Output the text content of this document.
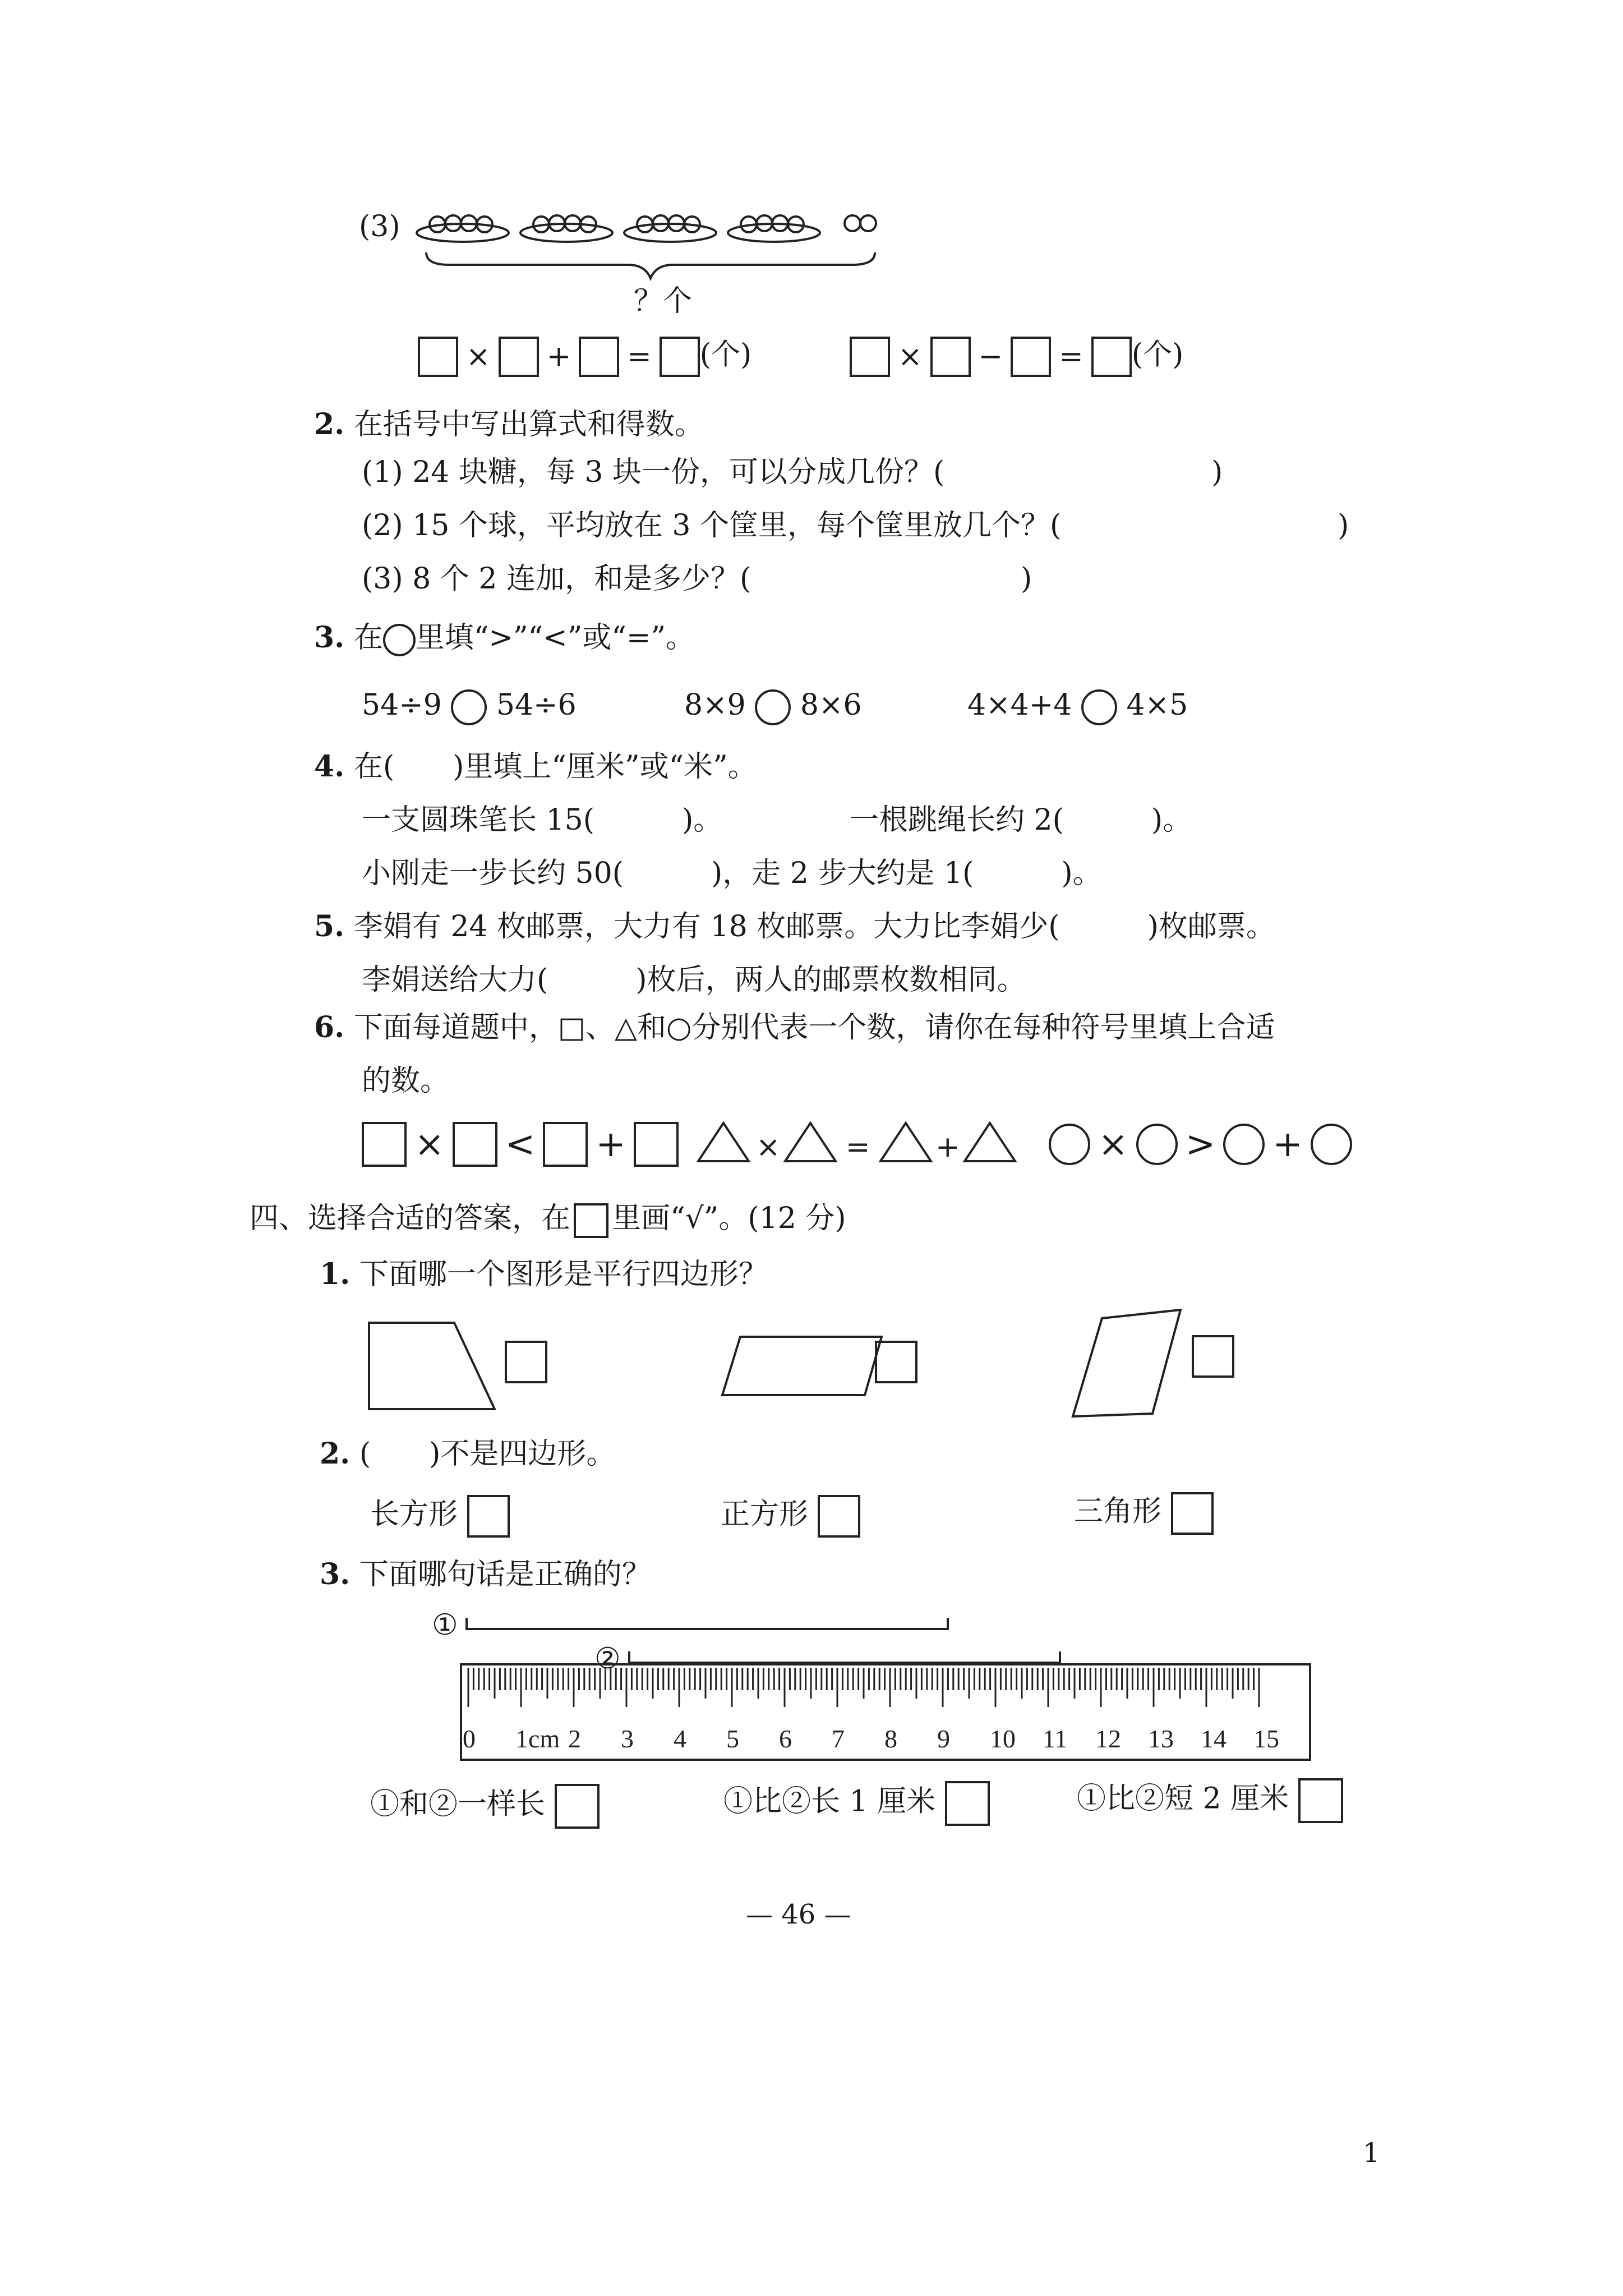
(3)
？个
× + = (个)	× − = (个)
2. 在括号中写出算式和得数。
(1) 24 块糖，每 3 块一份，可以分成几份？(	)
(2) 15 个球，平均放在 3 个筐里，每个筐里放几个？(	)
(3) 8 个 2 连加，和是多少？(	)
3. 在 里填“>”“<”或“=”。
54÷9 54÷6	8×9 8×6	4×4+4 4×5
4. 在(　　)里填上“厘米”或“米”。
一支圆珠笔长 15(　　　)。	一根跳绳长约 2(　　　)。
小刚走一步长约 50(　　　)，走 2 步大约是 1(　　　)。
5. 李娟有 24 枚邮票，大力有 18 枚邮票。大力比李娟少(　　　)枚邮票。
李娟送给大力(　　　)枚后，两人的邮票枚数相同。
6. 下面每道题中，□、△和○分别代表一个数，请你在每种符号里填上合适
的数。
× < +	× = +	× > +
四、选择合适的答案，在 里画“√”。(12 分)
1. 下面哪一个图形是平行四边形？
2. (　　)不是四边形。
长方形	正方形	三角形
3. 下面哪句话是正确的？
①
②
0 1cm 2 3 4 5 6 7 8 9 10 11 12 13 14 15
①和②一样长	①比②长 1 厘米	①比②短 2 厘米
— 46 —
1
